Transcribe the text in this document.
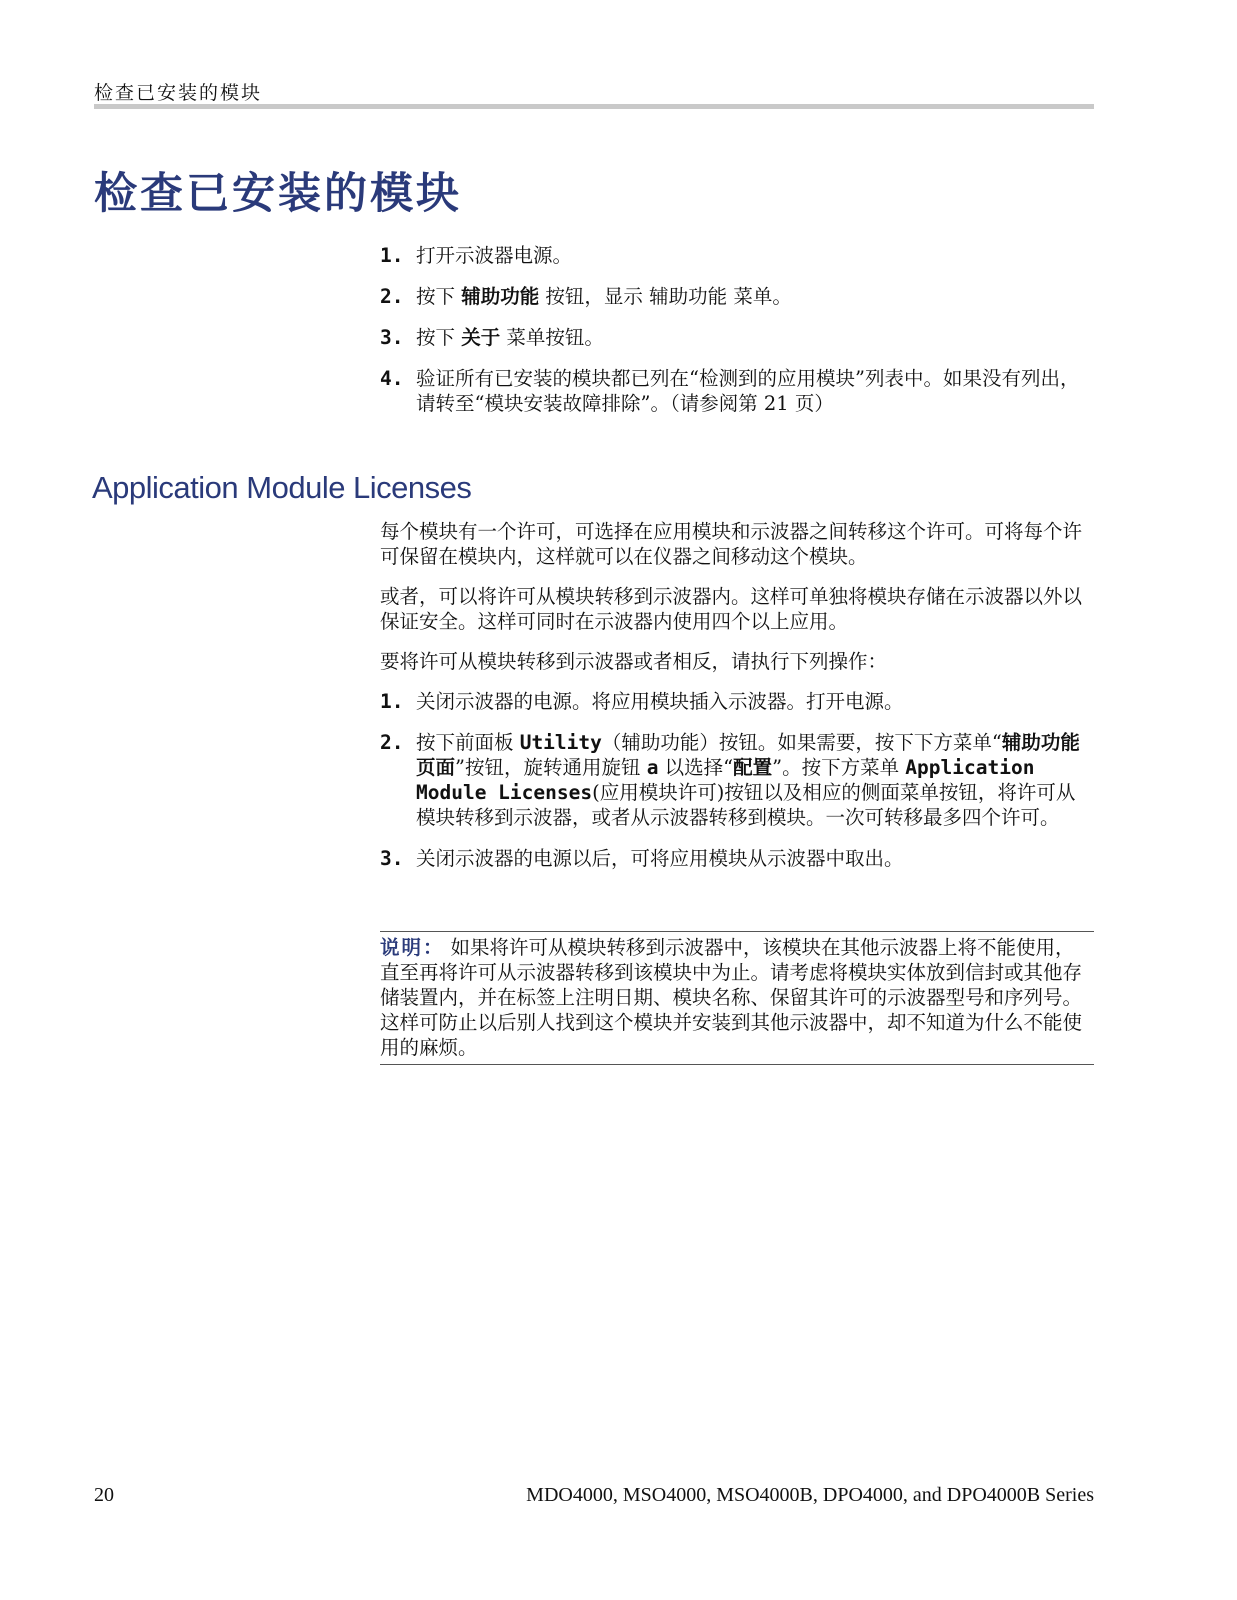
检查已安装的模块
检查已安装的模块
1. 打开示波器电源。
2. 按下 辅助功能 按钮，显示 辅助功能 菜单。
3. 按下 关于 菜单按钮。
4. 验证所有已安装的模块都已列在“检测到的应用模块”列表中。如果没有列出，请转至“模块安装故障排除”。（请参阅第 21 页）
Application Module Licenses

每个模块有一个许可，可选择在应用模块和示波器之间转移这个许可。可将每个许可保留在模块内，这样就可以在仪器之间移动这个模块。

或者，可以将许可从模块转移到示波器内。这样可单独将模块存储在示波器以外以保证安全。这样可同时在示波器内使用四个以上应用。

要将许可从模块转移到示波器或者相反，请执行下列操作：

1. 关闭示波器的电源。将应用模块插入示波器。打开电源。
2. 按下前面板 Utility（辅助功能）按钮。如果需要，按下下方菜单“辅助功能页面”按钮，旋转通用旋钮 a 以选择“配置”。按下方菜单 Application Module Licenses(应用模块许可)按钮以及相应的侧面菜单按钮，将许可从模块转移到示波器，或者从示波器转移到模块。一次可转移最多四个许可。
3. 关闭示波器的电源以后，可将应用模块从示波器中取出。
说明： 如果将许可从模块转移到示波器中，该模块在其他示波器上将不能使用，直至再将许可从示波器转移到该模块中为止。请考虑将模块实体放到信封或其他存储装置内，并在标签上注明日期、模块名称、保留其许可的示波器型号和序列号。这样可防止以后别人找到这个模块并安装到其他示波器中，却不知道为什么不能使用的麻烦。
20	MDO4000, MSO4000, MSO4000B, DPO4000, and DPO4000B Series
